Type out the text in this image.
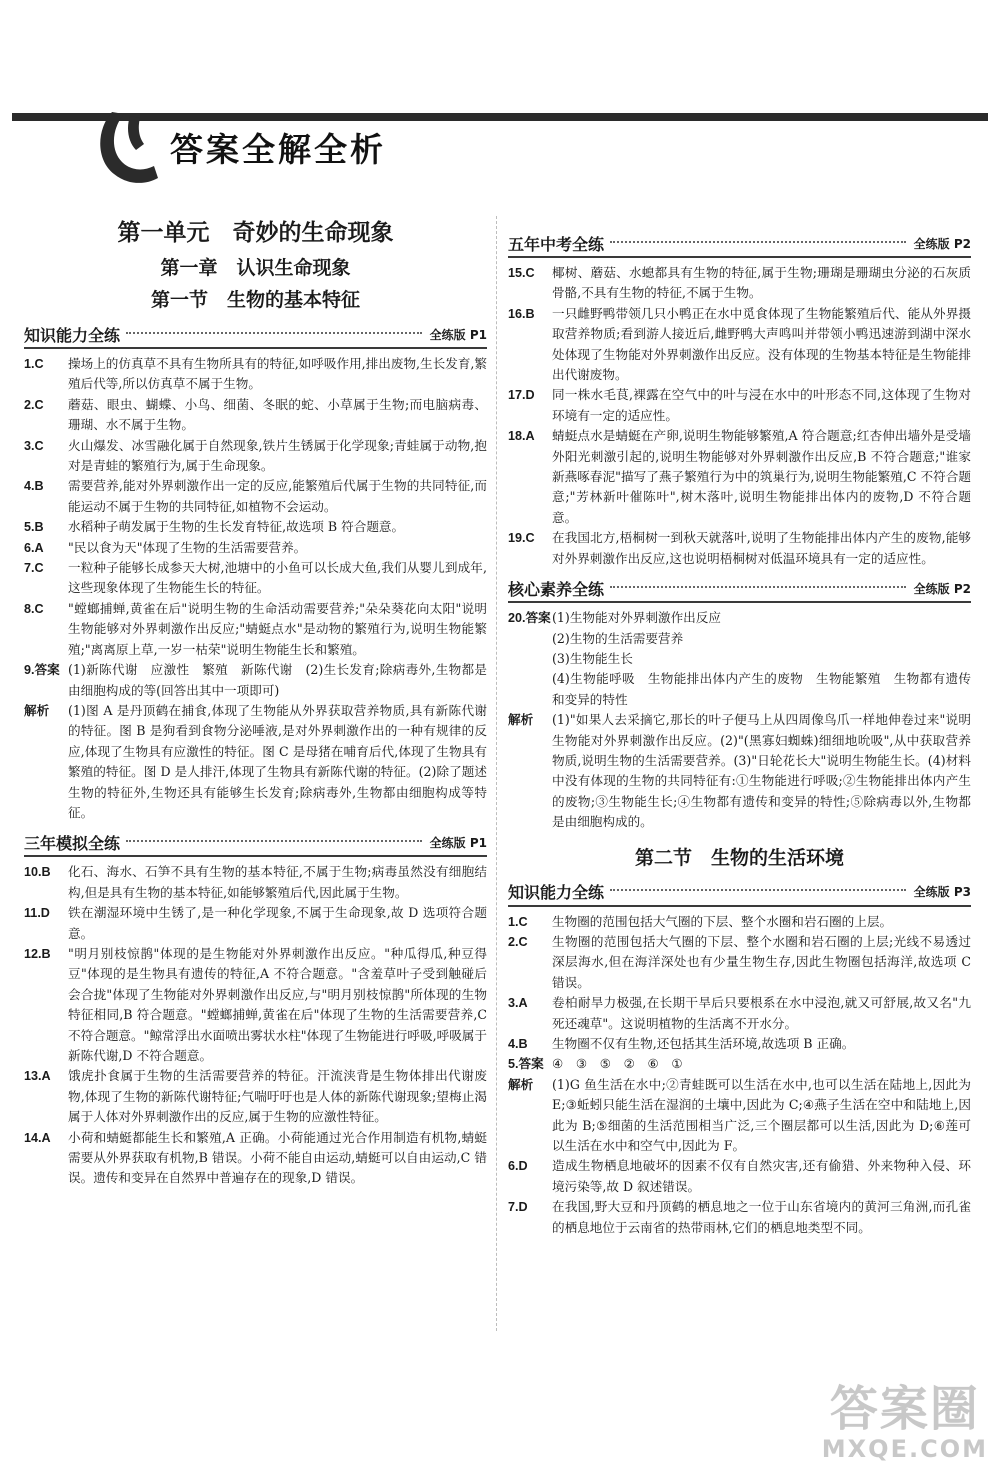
答案全解全析
第一单元　奇妙的生命现象
第一章　认识生命现象
第一节　生物的基本特征
知识能力全练	全练版 P1
1.C	操场上的仿真草不具有生物所具有的特征,如呼吸作用,排出废物,生长发育,繁殖后代等,所以仿真草不属于生物。
2.C	蘑菇、眼虫、蝴蝶、小鸟、细菌、冬眠的蛇、小草属于生物;而电脑病毒、珊瑚、水不属于生物。
3.C	火山爆发、冰雪融化属于自然现象,铁片生锈属于化学现象;青蛙属于动物,抱对是青蛙的繁殖行为,属于生命现象。
4.B	需要营养,能对外界刺激作出一定的反应,能繁殖后代属于生物的共同特征,而能运动不属于生物的共同特征,如植物不会运动。
5.B	水稻种子萌发属于生物的生长发育特征,故选项 B 符合题意。
6.A	"民以食为天"体现了生物的生活需要营养。
7.C	一粒种子能够长成参天大树,池塘中的小鱼可以长成大鱼,我们从婴儿到成年,这些现象体现了生物能生长的特征。
8.C	"螳螂捕蝉,黄雀在后"说明生物的生命活动需要营养;"朵朵葵花向太阳"说明生物能够对外界刺激作出反应;"蜻蜓点水"是动物的繁殖行为,说明生物能繁殖;"离离原上草,一岁一枯荣"说明生物能生长和繁殖。
9.答案 (1)新陈代谢　应激性　繁殖　新陈代谢　(2)生长发育;除病毒外,生物都是由细胞构成的等(回答出其中一项即可)
解析	(1)图 A 是丹顶鹤在捕食,体现了生物能从外界获取营养物质,具有新陈代谢的特征。图 B 是狗看到食物分泌唾液,是对外界刺激作出的一种有规律的反应,体现了生物具有应激性的特征。图 C 是母猪在哺育后代,体现了生物具有繁殖的特征。图 D 是人排汗,体现了生物具有新陈代谢的特征。(2)除了题述生物的特征外,生物还具有能够生长发育;除病毒外,生物都由细胞构成等特征。
三年模拟全练	全练版 P1
10.B	化石、海水、石笋不具有生物的基本特征,不属于生物;病毒虽然没有细胞结构,但是具有生物的基本特征,如能够繁殖后代,因此属于生物。
11.D	铁在潮湿环境中生锈了,是一种化学现象,不属于生命现象,故 D 选项符合题意。
12.B	"明月别枝惊鹊"体现的是生物能对外界刺激作出反应。"种瓜得瓜,种豆得豆"体现的是生物具有遗传的特征,A 不符合题意。"含羞草叶子受到触碰后会合拢"体现了生物能对外界刺激作出反应,与"明月别枝惊鹊"所体现的生物特征相同,B 符合题意。"螳螂捕蝉,黄雀在后"体现了生物的生活需要营养,C 不符合题意。"鲸常浮出水面喷出雾状水柱"体现了生物能进行呼吸,呼吸属于新陈代谢,D 不符合题意。
13.A	饿虎扑食属于生物的生活需要营养的特征。汗流浃背是生物体排出代谢废物,体现了生物的新陈代谢特征;气喘吁吁也是人体的新陈代谢现象;望梅止渴属于人体对外界刺激作出的反应,属于生物的应激性特征。
14.A	小荷和蜻蜓都能生长和繁殖,A 正确。小荷能通过光合作用制造有机物,蜻蜓需要从外界获取有机物,B 错误。小荷不能自由运动,蜻蜓可以自由运动,C 错误。遗传和变异在自然界中普遍存在的现象,D 错误。
五年中考全练	全练版 P2
15.C	椰树、蘑菇、水螅都具有生物的特征,属于生物;珊瑚是珊瑚虫分泌的石灰质骨骼,不具有生物的特征,不属于生物。
16.B	一只雌野鸭带领几只小鸭正在水中觅食体现了生物能繁殖后代、能从外界摄取营养物质;看到游人接近后,雌野鸭大声鸣叫并带领小鸭迅速游到湖中深水处体现了生物能对外界刺激作出反应。没有体现的生物基本特征是生物能排出代谢废物。
17.D	同一株水毛茛,裸露在空气中的叶与浸在水中的叶形态不同,这体现了生物对环境有一定的适应性。
18.A	蜻蜓点水是蜻蜓在产卵,说明生物能够繁殖,A 符合题意;红杏伸出墙外是受墙外阳光刺激引起的,说明生物能够对外界刺激作出反应,B 不符合题意;"谁家新燕啄春泥"描写了燕子繁殖行为中的筑巢行为,说明生物能繁殖,C 不符合题意;"芳林新叶催陈叶",树木落叶,说明生物能排出体内的废物,D 不符合题意。
19.C	在我国北方,梧桐树一到秋天就落叶,说明了生物能排出体内产生的废物,能够对外界刺激作出反应,这也说明梧桐树对低温环境具有一定的适应性。
核心素养全练	全练版 P2
20.答案 (1)生物能对外界刺激作出反应
(2)生物的生活需要营养
(3)生物能生长
(4)生物能呼吸　生物能排出体内产生的废物　生物能繁殖　生物都有遗传和变异的特性
解析	(1)"如果人去采摘它,那长的叶子便马上从四周像鸟爪一样地伸卷过来"说明生物能对外界刺激作出反应。(2)"(黑寡妇蜘蛛)细细地吮吸",从中获取营养物质,说明生物的生活需要营养。(3)"日轮花长大"说明生物能生长。(4)材料中没有体现的生物的共同特征有:①生物能进行呼吸;②生物能排出体内产生的废物;③生物能生长;④生物都有遗传和变异的特性;⑤除病毒以外,生物都是由细胞构成的。
第二节　生物的生活环境
知识能力全练	全练版 P3
1.C	生物圈的范围包括大气圈的下层、整个水圈和岩石圈的上层。
2.C	生物圈的范围包括大气圈的下层、整个水圈和岩石圈的上层;光线不易透过深层海水,但在海洋深处也有少量生物生存,因此生物圈包括海洋,故选项 C 错误。
3.A	卷柏耐旱力极强,在长期干旱后只要根系在水中浸泡,就又可舒展,故又名"九死还魂草"。这说明植物的生活离不开水分。
4.B	生物圈不仅有生物,还包括其生活环境,故选项 B 正确。
5.答案 ④　③　⑤　②　⑥　①
解析	(1)G 鱼生活在水中;②青蛙既可以生活在水中,也可以生活在陆地上,因此为 E;③蚯蚓只能生活在湿润的土壤中,因此为 C;④燕子生活在空中和陆地上,因此为 B;⑤细菌的生活范围相当广泛,三个圈层都可以生活,因此为 D;⑥莲可以生活在水中和空气中,因此为 F。
6.D	造成生物栖息地破坏的因素不仅有自然灾害,还有偷猎、外来物种入侵、环境污染等,故 D 叙述错误。
7.D	在我国,野大豆和丹顶鹤的栖息地之一位于山东省境内的黄河三角洲,而孔雀的栖息地位于云南省的热带雨林,它们的栖息地类型不同。
答案圈
MXQE.COM
